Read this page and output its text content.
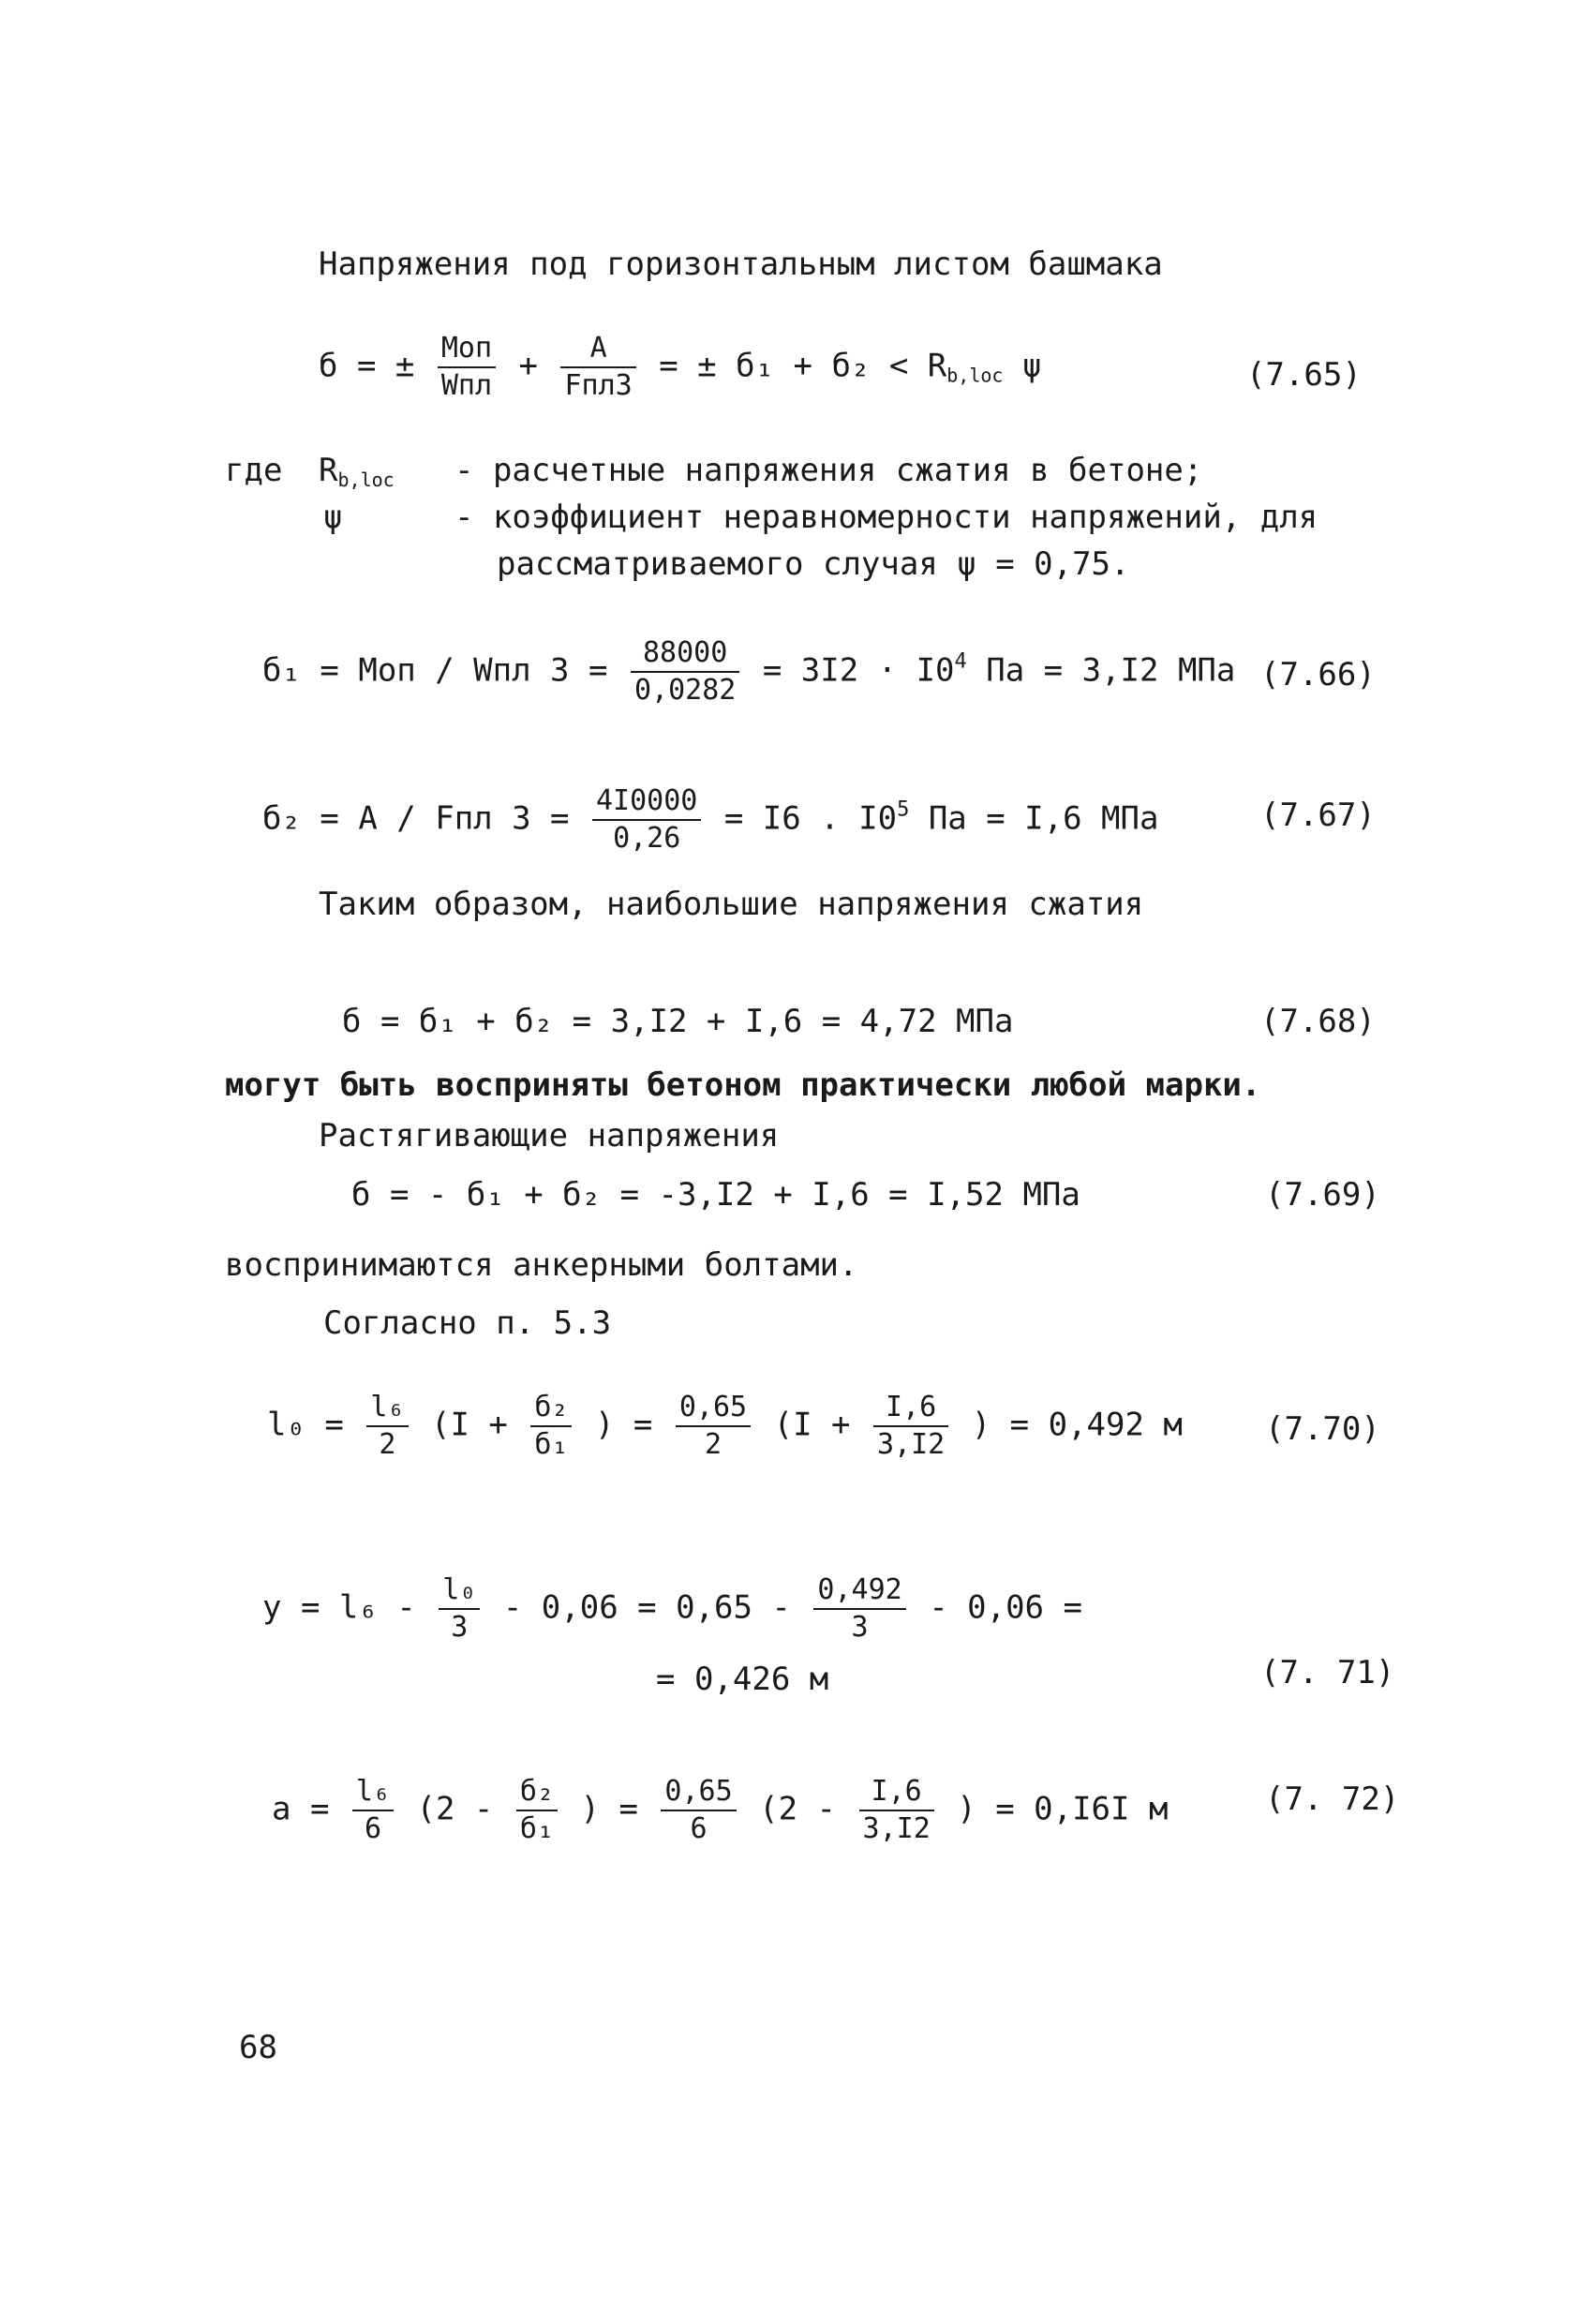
Напряжения под горизонтальным листом башмака
б = ± $\frac{\text{Mоп}}{\text{Wпл}} + \frac{A}{\text{Fпл3}}$ = ± $б_1 + б_2 < R_{b,loc}$ ψ	(7.65)
где $R_{b,loc}$ - расчетные напряжения сжатия в бетоне;
ψ	- коэффициент неравномерности напряжений, для
рассматриваемого случая ψ = 0,75.
б₁ = Mоп / Wпл $3 = \frac{88000}{0,0282} = 3I2 \cdot I0^4$ Па = 3,I2 МПа (7.66)
б₂ = A / Fпл $3 = \frac{4I0000}{0,26} = I6$ . $I0^5$ Па = I,6 МПа	(7.67)
Таким образом, наибольшие напряжения сжатия
б = б₁ + б₂ = 3,I2 + I,6 = 4,72 МПа	(7.68)
могут быть восприняты бетоном практически любой марки.
Растягивающие напряжения
б = - б₁ + б₂ = -3,I2 + I,6 = I,52 МПа	(7.69)
воспринимаются анкерными болтами.
Согласно п. 5.3
$l_0 = \frac{\text{l₆}}{2} (I + \frac{\text{б₂}}{\text{б₁}}$ ) = $\frac{0,65}{2} (I + \frac{I,6}{3,I2}$ ) = 0,492 м	(7.70)
$y = l_6 - \frac{\text{l₀}}{3} - 0,06 = 0,65 - \frac{0,492}{3} - 0,06$ =
= 0,426 м	(7. 71)
$a = \frac{\text{l₆}}{6} (2 - \frac{\text{б₂}}{\text{б₁}}$ ) = $\frac{0,65}{6} (2 - \frac{I,6}{3,I2}$ ) = 0,I6I м	(7. 72)
68
